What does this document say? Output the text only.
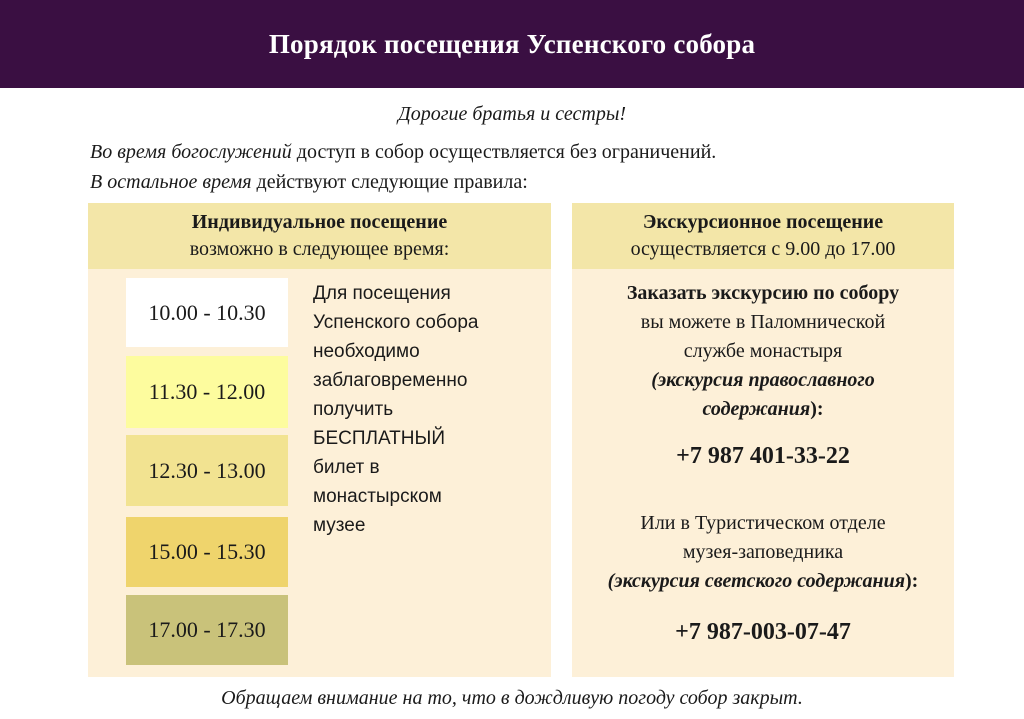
Порядок посещения Успенского собора
Дорогие братья и сестры!
Во время богослужений доступ в собор осуществляется без ограничений.
В остальное время действуют следующие правила:
Индивидуальное посещение
возможно в следующее время:
10.00 - 10.30
11.30 - 12.00
12.30 - 13.00
15.00 - 15.30
17.00 - 17.30
Для посещения
Успенского собора
необходимо
заблаговременно
получить
БЕСПЛАТНЫЙ
билет в
монастырском
музее
Экскурсионное посещение
осуществляется с 9.00 до 17.00
Заказать экскурсию по собору
вы можете в Паломнической
службе монастыря
(экскурсия православного
содержания):
+7 987 401-33-22
Или в Туристическом отделе
музея-заповедника
(экскурсия светского содержания):
+7 987-003-07-47
Обращаем внимание на то, что в дождливую погоду собор закрыт.
